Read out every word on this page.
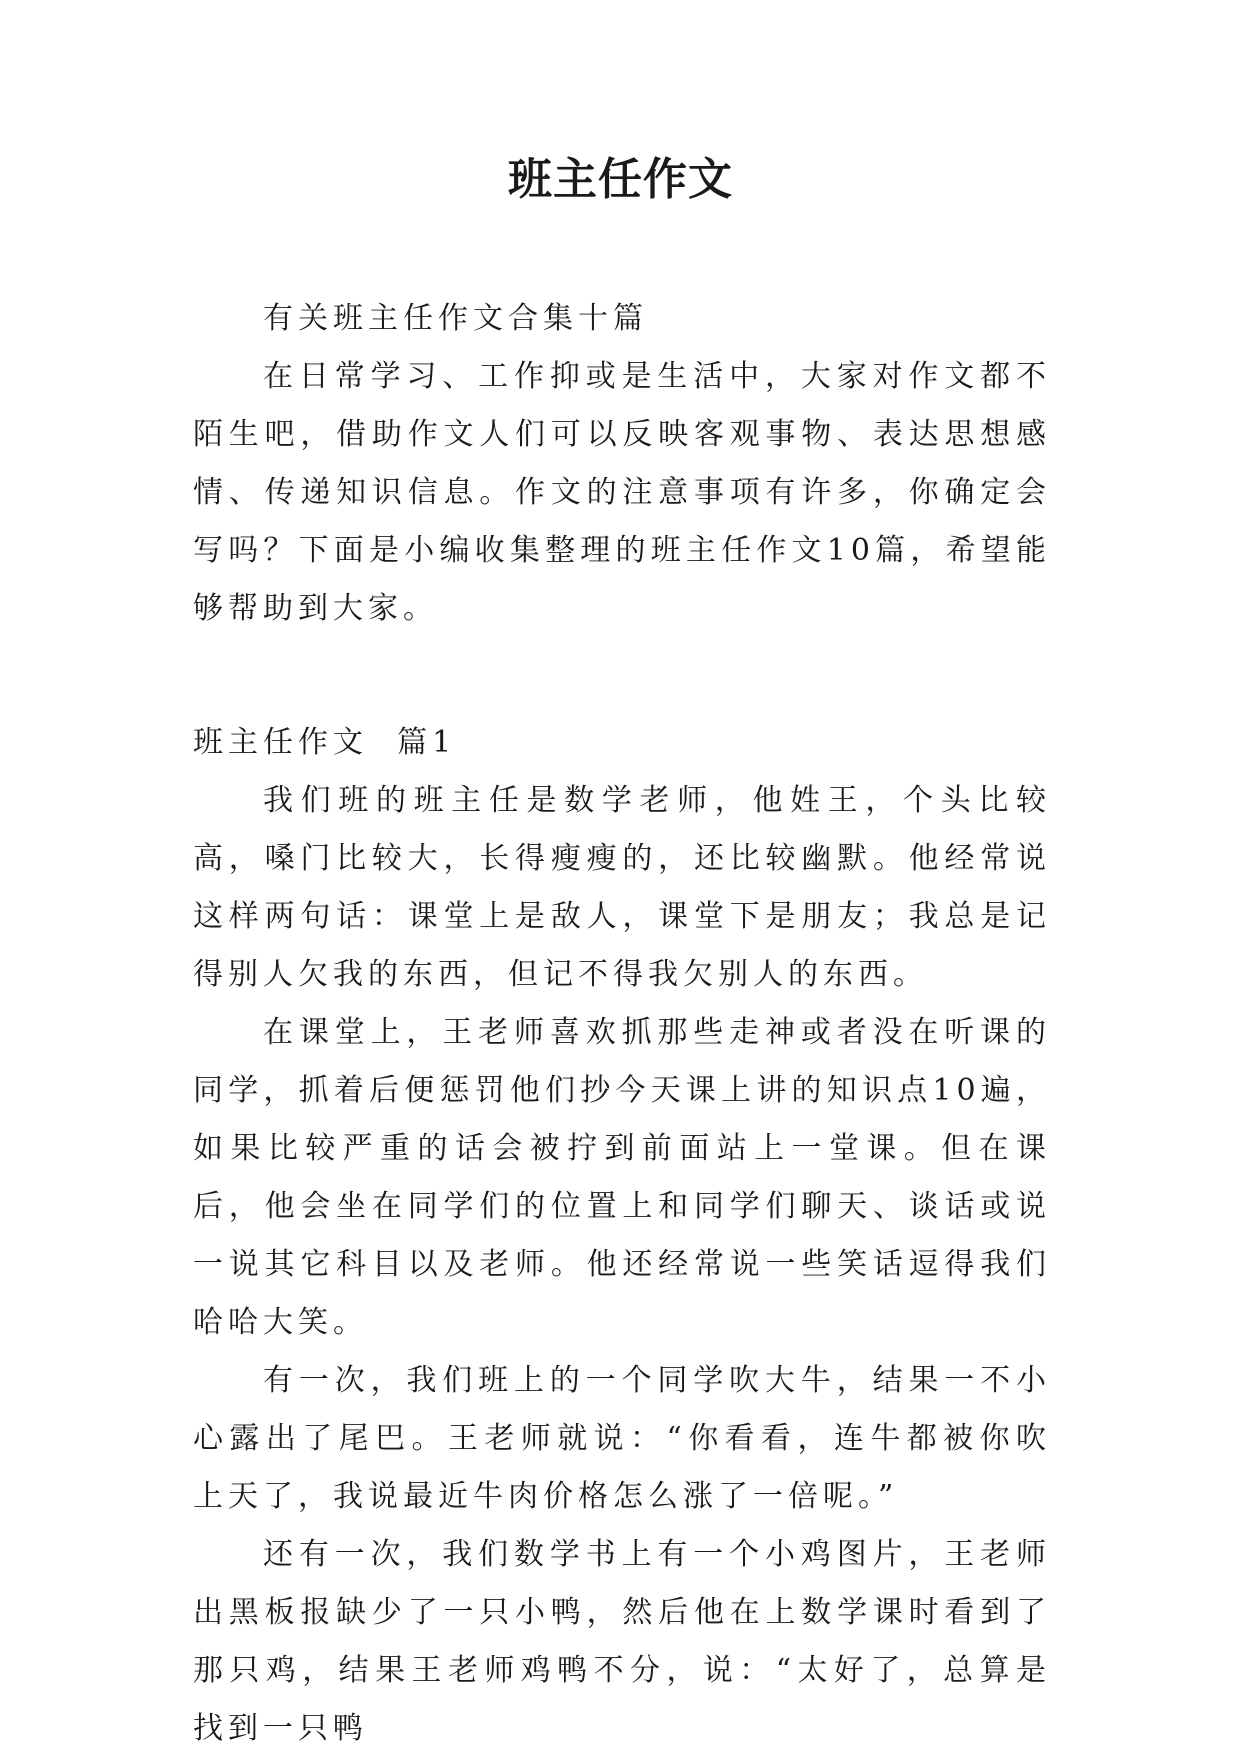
班主任作文

有关班主任作文合集十篇

在日常学习、工作抑或是生活中，大家对作文都不陌生吧，借助作文人们可以反映客观事物、表达思想感情、传递知识信息。作文的注意事项有许多，你确定会写吗？下面是小编收集整理的班主任作文10篇，希望能够帮助到大家。

班主任作文  篇1

我们班的班主任是数学老师，他姓王，个头比较高，嗓门比较大，长得瘦瘦的，还比较幽默。他经常说这样两句话：课堂上是敌人，课堂下是朋友；我总是记得别人欠我的东西，但记不得我欠别人的东西。

在课堂上，王老师喜欢抓那些走神或者没在听课的同学，抓着后便惩罚他们抄今天课上讲的知识点10遍，如果比较严重的话会被拧到前面站上一堂课。但在课后，他会坐在同学们的位置上和同学们聊天、谈话或说一说其它科目以及老师。他还经常说一些笑话逗得我们哈哈大笑。

有一次，我们班上的一个同学吹大牛，结果一不小心露出了尾巴。王老师就说：“你看看，连牛都被你吹上天了，我说最近牛肉价格怎么涨了一倍呢。”

还有一次，我们数学书上有一个小鸡图片，王老师出黑板报缺少了一只小鸭，然后他在上数学课时看到了那只鸡，结果王老师鸡鸭不分，说：“太好了，总算是找到一只鸭
